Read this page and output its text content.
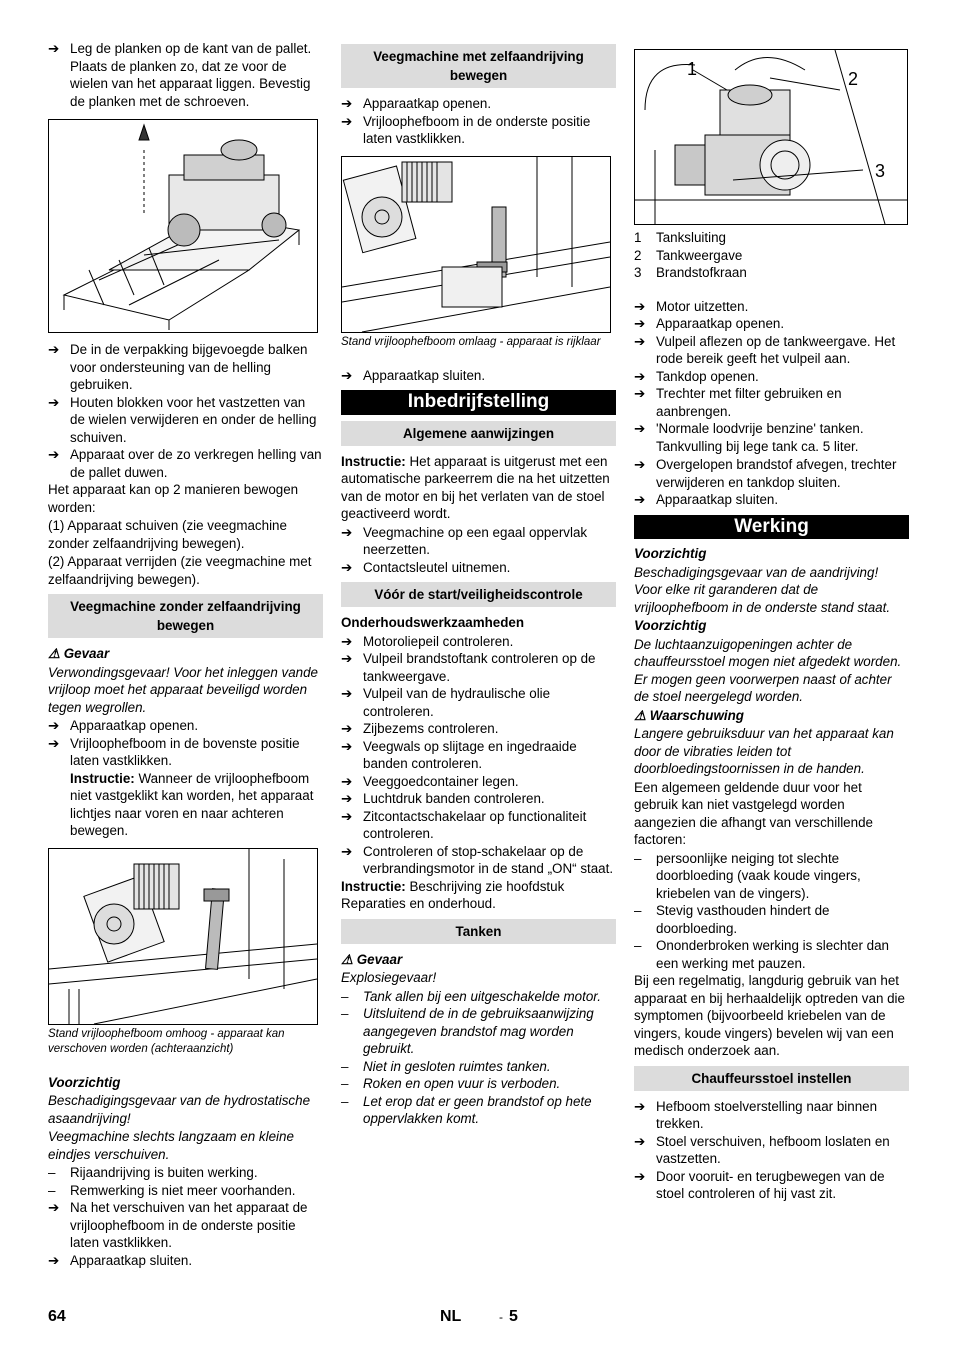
➔ Leg de planken op de kant van de pallet. Plaats de planken zo, dat ze voor de wielen van het apparaat liggen. Bevestig de planken met de schroeven.
➔ De in de verpakking bijgevoegde balken voor ondersteuning van de helling gebruiken.
➔ Houten blokken voor het vastzetten van de wielen verwijderen en onder de helling schuiven.
➔ Apparaat over de zo verkregen helling van de pallet duwen.

Het apparaat kan op 2 manieren bewogen worden:

(1) Apparaat schuiven (zie veegmachine zonder zelfaandrijving bewegen).

(2) Apparaat verrijden (zie veegmachine met zelfaandrijving bewegen).

Veegmachine zonder zelfaandrijving bewegen

⚠ Gevaar

Verwondingsgevaar! Voor het inleggen vande vrijloop moet het apparaat beveiligd worden tegen wegrollen.

➔ Apparaatkap openen.
➔ Vrijloophefboom in de bovenste positie laten vastklikken.

Instructie: Wanneer de vrijloophefboom niet vastgeklikt kan worden, het apparaat lichtjes naar voren en naar achteren bewegen.

Stand vrijloophefboom omhoog - apparaat kan verschoven worden (achteraanzicht)

Voorzichtig

Beschadigingsgevaar van de hydrostatische asaandrijving!

Veegmachine slechts langzaam en kleine eindjes verschuiven.

–	Rijaandrijving is buiten werking.
–	Remwerking is niet meer voorhanden.
➔ Na het verschuiven van het apparaat de vrijloophefboom in de onderste positie laten vastklikken.
➔ Apparaatkap sluiten.
Veegmachine met zelfaandrijving bewegen
➔ Apparaatkap openen.
➔ Vrijloophefboom in de onderste positie laten vastklikken.

Stand vrijloophefboom omlaag - apparaat is rijklaar

➔ Apparaatkap sluiten.
Inbedrijfstelling
Algemene aanwijzingen

Instructie: Het apparaat is uitgerust met een automatische parkeerrem die na het uitzetten van de motor en bij het verlaten van de stoel geactiveerd wordt.

➔ Veegmachine op een egaal oppervlak neerzetten.
➔ Contactsleutel uitnemen.
Vóór de start/veiligheidscontrole

Onderhoudswerkzaamheden

➔ Motoroliepeil controleren.
➔ Vulpeil brandstoftank controleren op de tankweergave.
➔ Vulpeil van de hydraulische olie controleren.
➔ Zijbezems controleren.
➔ Veegwals op slijtage en ingedraaide banden controleren.
➔ Veeggoedcontainer legen.
➔ Luchtdruk banden controleren.
➔ Zitcontactschakelaar op functionaliteit controleren.
➔ Controleren of stop-schakelaar op de verbrandingsmotor in de stand „ON“ staat.

Instructie: Beschrijving zie hoofdstuk Reparaties en onderhoud.

Tanken

⚠ Gevaar

Explosiegevaar!

–	Tank allen bij een uitgeschakelde motor.
–	Uitsluitend de in de gebruiksaanwijzing aangegeven brandstof mag worden gebruikt.
–	Niet in gesloten ruimtes tanken.
–	Roken en open vuur is verboden.
–	Let erop dat er geen brandstof op hete oppervlakken komt.
1	2
3
1	Tanksluiting
2	Tankweergave
3	Brandstofkraan
➔ Motor uitzetten.
➔ Apparaatkap openen.
➔ Vulpeil aflezen op de tankweergave. Het rode bereik geeft het vulpeil aan.
➔ Tankdop openen.
➔ Trechter met filter gebruiken en aanbrengen.
➔ 'Normale loodvrije benzine' tanken.

Tankvulling bij lege tank ca. 5 liter.

➔ Overgelopen brandstof afvegen, trechter verwijderen en tankdop sluiten.
➔ Apparaatkap sluiten.
Werking

Voorzichtig

Beschadigingsgevaar van de aandrijving! Voor elke rit garanderen dat de vrijloophefboom in de onderste stand staat.

Voorzichtig

De luchtaanzuigopeningen achter de chauffeursstoel mogen niet afgedekt worden. Er mogen geen voorwerpen naast of achter de stoel neergelegd worden.

⚠ Waarschuwing

Langere gebruiksduur van het apparaat kan door de vibraties leiden tot doorbloedingstoornissen in de handen.

Een algemeen geldende duur voor het gebruik kan niet vastgelegd worden aangezien die afhangt van verschillende factoren:

–	persoonlijke neiging tot slechte doorbloeding (vaak koude vingers, kriebelen van de vingers).
–	Stevig vasthouden hindert de doorbloeding.
–	Ononderbroken werking is slechter dan een werking met pauzen.

Bij een regelmatig, langdurig gebruik van het apparaat en bij herhaaldelijk optreden van die symptomen (bijvoorbeeld kriebelen van de vingers, koude vingers) bevelen wij van een medisch onderzoek aan.

Chauffeursstoel instellen
➔ Hefboom stoelverstelling naar binnen trekken.
➔ Stoel verschuiven, hefboom loslaten en vastzetten.
➔ Door vooruit- en terugbewegen van de stoel controleren of hij vast zit.
64	NL	- 5
